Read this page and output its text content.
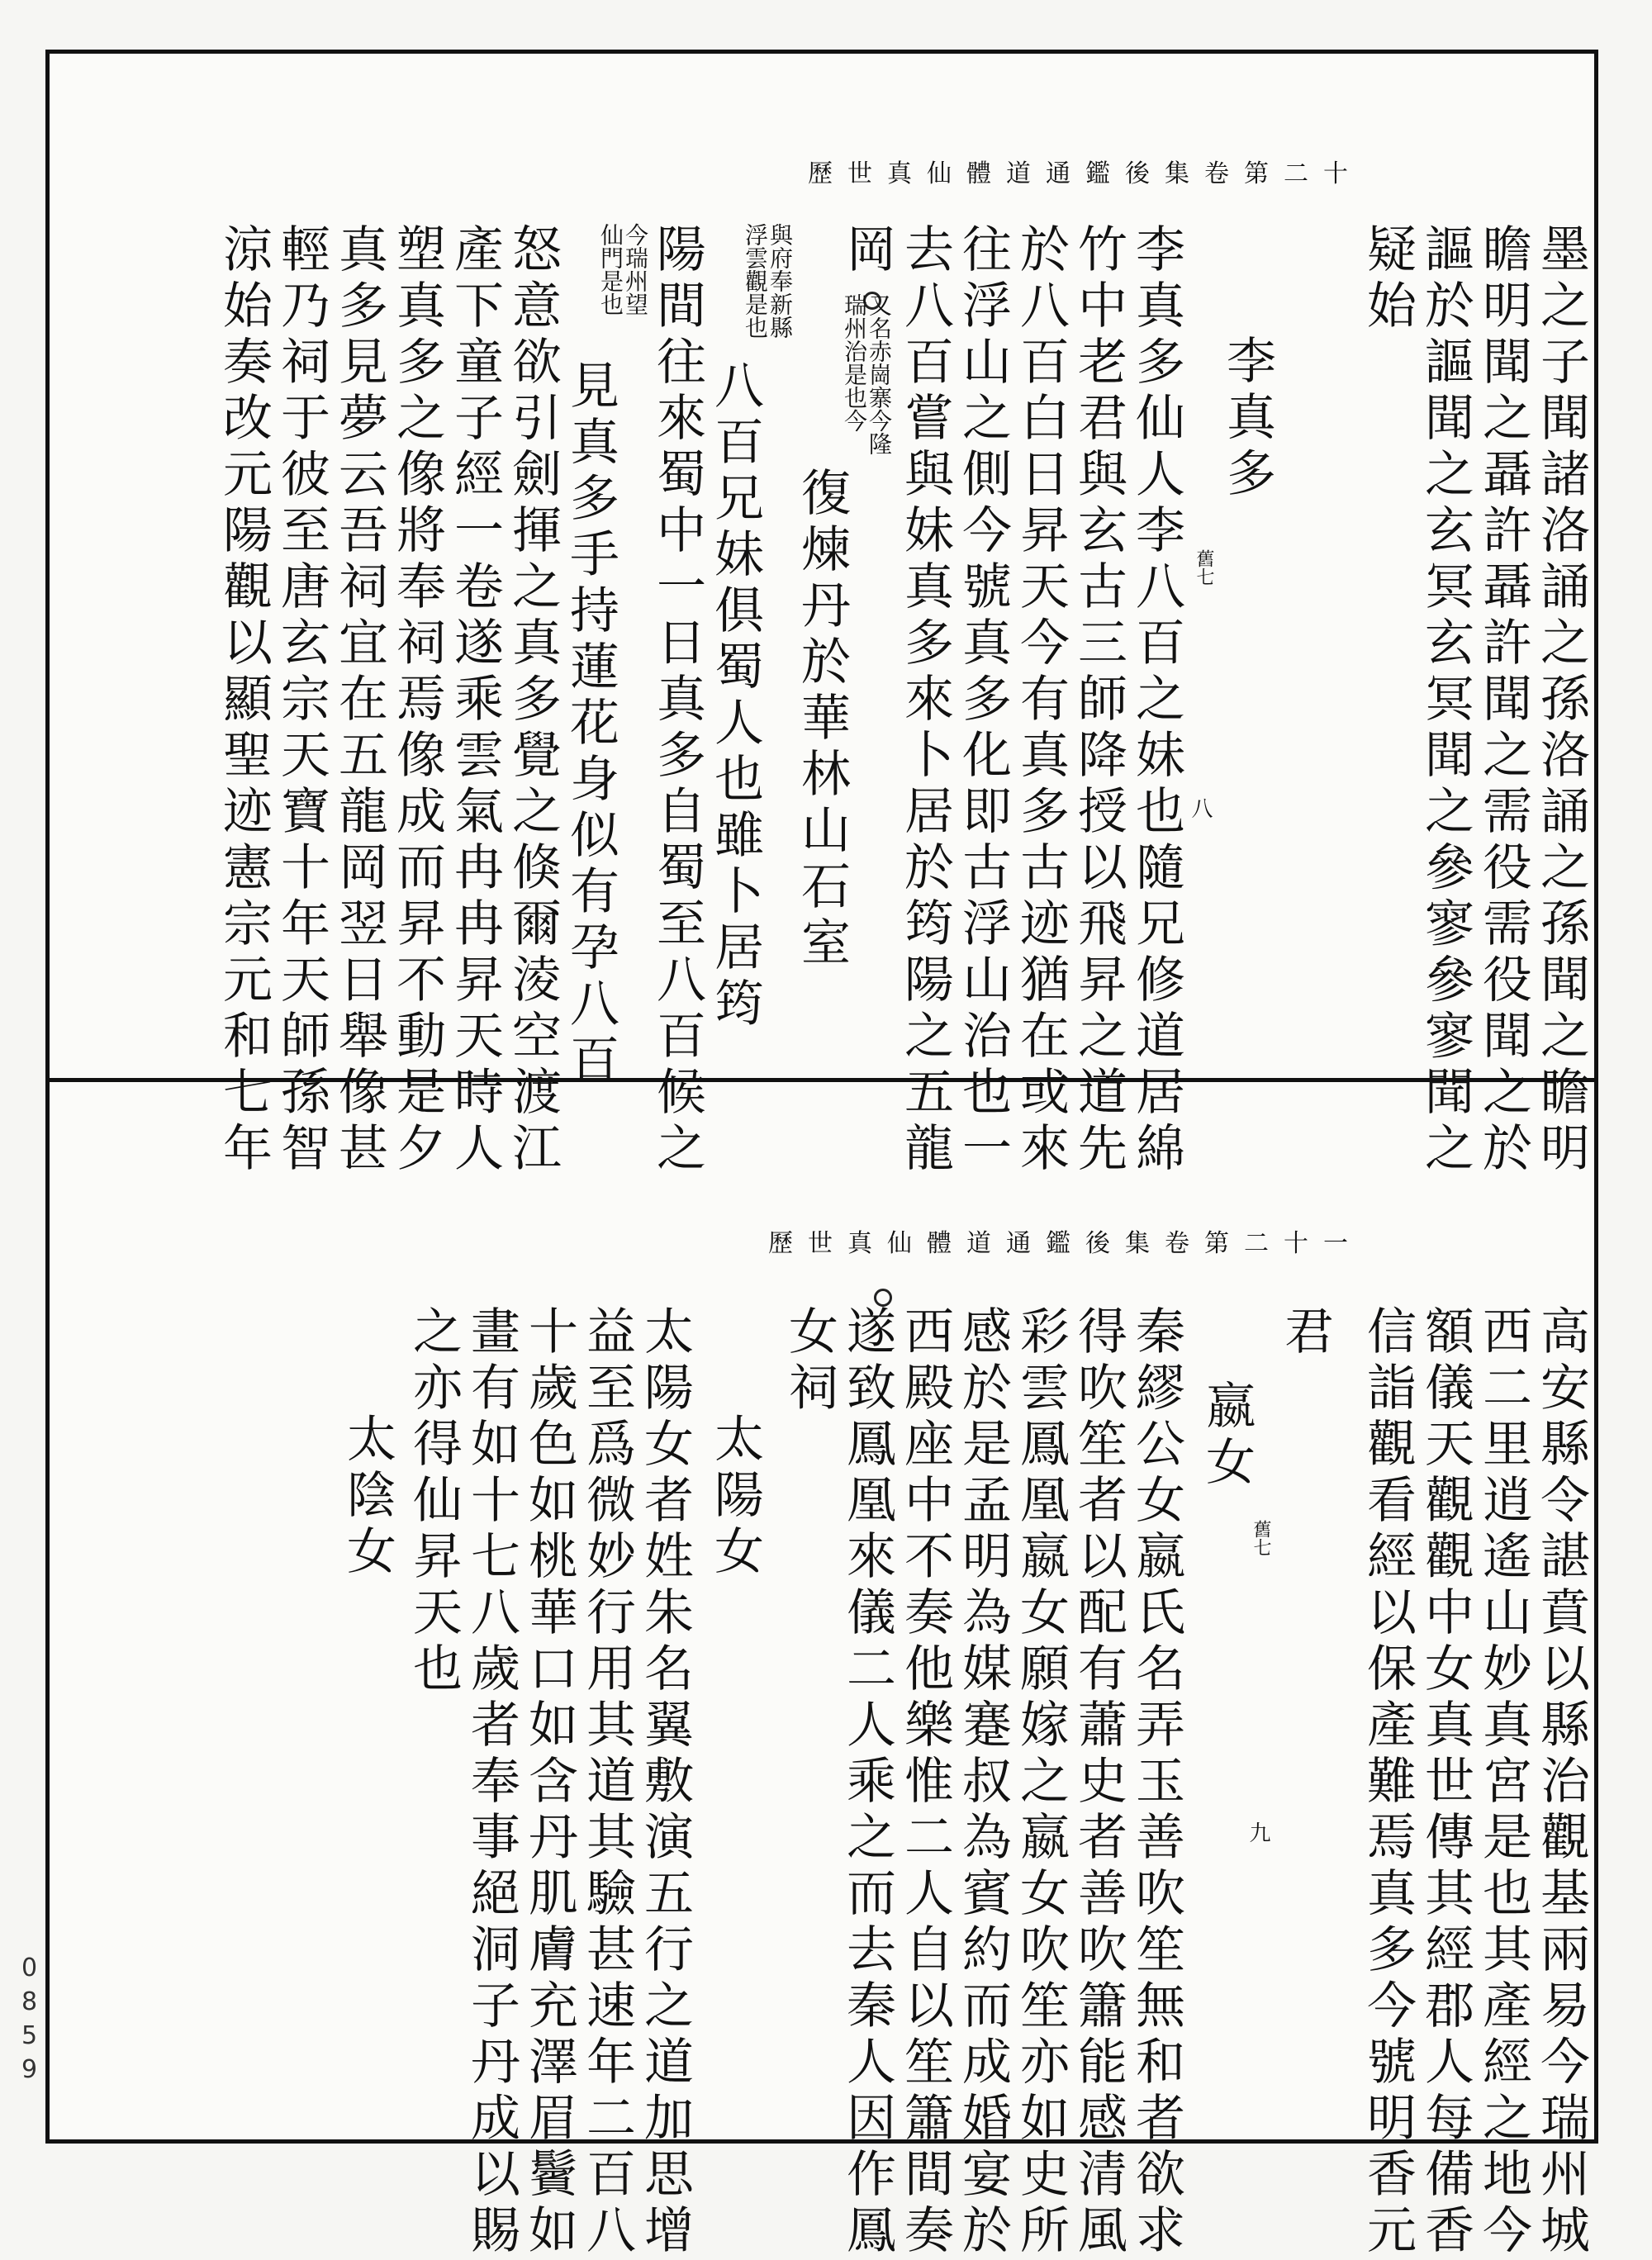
0859
歷世真仙體道通鑑後集卷第二十
墨之子聞諸洛誦之孫洛誦之孫聞之瞻明
瞻明聞之聶許聶許聞之需役需役聞之於
謳於謳聞之玄冥玄冥聞之參寥參寥聞之
疑始
李真多
舊七
八
李真多仙人李八百之妹也隨兄修道居綿
竹中老君與玄古三師降授以飛昇之道先
於八百白日昇天今有真多古迹猶在或來
往浮山之側今號真多化即古浮山治也一
去八百嘗與妹真多來卜居於筠陽之五龍
岡
又名赤崗寨今隆
瑞州治是也今
復煉丹於華林山石室
與府奉新縣
浮雲觀是也
八百兄妹俱蜀人也雖卜居筠
陽間往來蜀中一日真多自蜀至八百候之
今瑞州望
仙門是也
見真多手持蓮花身似有孕八百
怒意欲引劍揮之真多覺之倏爾淩空渡江
產下童子經一卷遂乘雲氣冉冉昇天時人
塑真多之像將奉祠焉像成而昇不動是夕
真多見夢云吾祠宜在五龍岡翌日舉像甚
輕乃祠于彼至唐玄宗天寶十年天師孫智
涼始奏改元陽觀以顯聖迹憲宗元和七年
歷世真仙體道通鑑後集卷第二十一
高安縣令諶賁以縣治觀基兩易今瑞州城
西二里逍遙山妙真宮是也其產經之地今
額儀天觀觀中女真世傳其經郡人每備香
信詣觀看經以保產難焉真多今號明香元
君
嬴女
舊七
九
秦繆公女嬴氏名弄玉善吹笙無和者欲求
得吹笙者以配有蕭史者善吹簫能感清風
彩雲鳳凰嬴女願嫁之嬴女吹笙亦如史所
感於是孟明為媒蹇叔為賓約而成婚宴於
西殿座中不奏他樂惟二人自以笙簫間奏
遂致鳳凰來儀二人乘之而去秦人因作鳳
女祠
太陽女
太陽女者姓朱名翼敷演五行之道加思增
益至爲微妙行用其道其驗甚速年二百八
十歲色如桃華口如含丹肌膚充澤眉鬢如
畫有如十七八歲者奉事絕洞子丹成以賜
之亦得仙昇天也
太陰女
